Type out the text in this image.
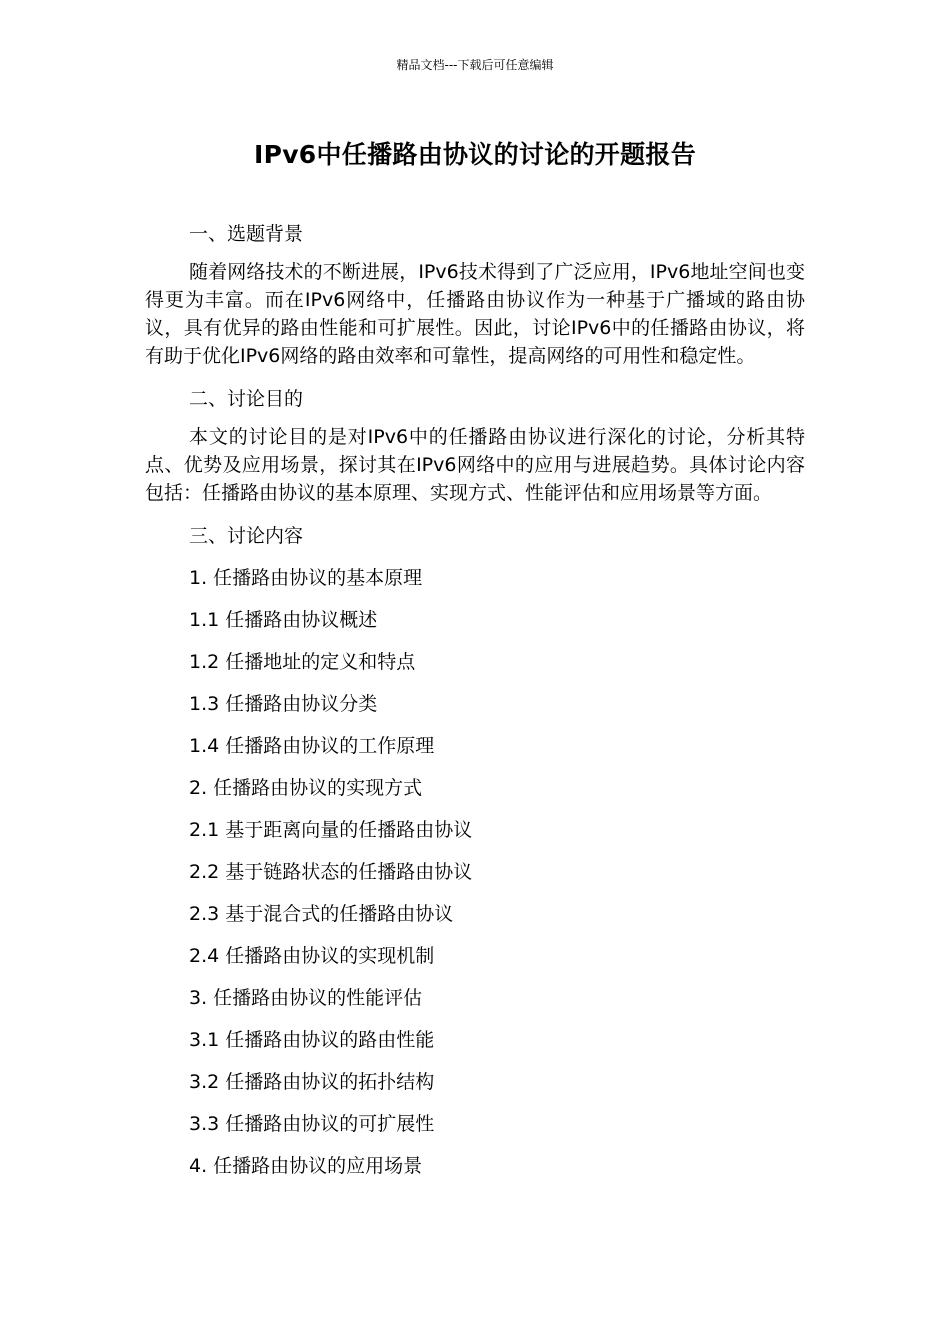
精品文档---下载后可任意编辑
IPv6中任播路由协议的讨论的开题报告

一、选题背景

随着网络技术的不断进展，IPv6技术得到了广泛应用，IPv6地址空间也变得更为丰富。而在IPv6网络中，任播路由协议作为一种基于广播域的路由协议，具有优异的路由性能和可扩展性。因此，讨论IPv6中的任播路由协议，将有助于优化IPv6网络的路由效率和可靠性，提高网络的可用性和稳定性。

二、讨论目的

本文的讨论目的是对IPv6中的任播路由协议进行深化的讨论，分析其特点、优势及应用场景，探讨其在IPv6网络中的应用与进展趋势。具体讨论内容包括：任播路由协议的基本原理、实现方式、性能评估和应用场景等方面。

三、讨论内容

1. 任播路由协议的基本原理

1.1 任播路由协议概述

1.2 任播地址的定义和特点

1.3 任播路由协议分类

1.4 任播路由协议的工作原理

2. 任播路由协议的实现方式

2.1 基于距离向量的任播路由协议

2.2 基于链路状态的任播路由协议

2.3 基于混合式的任播路由协议

2.4 任播路由协议的实现机制

3. 任播路由协议的性能评估

3.1 任播路由协议的路由性能

3.2 任播路由协议的拓扑结构

3.3 任播路由协议的可扩展性

4. 任播路由协议的应用场景
